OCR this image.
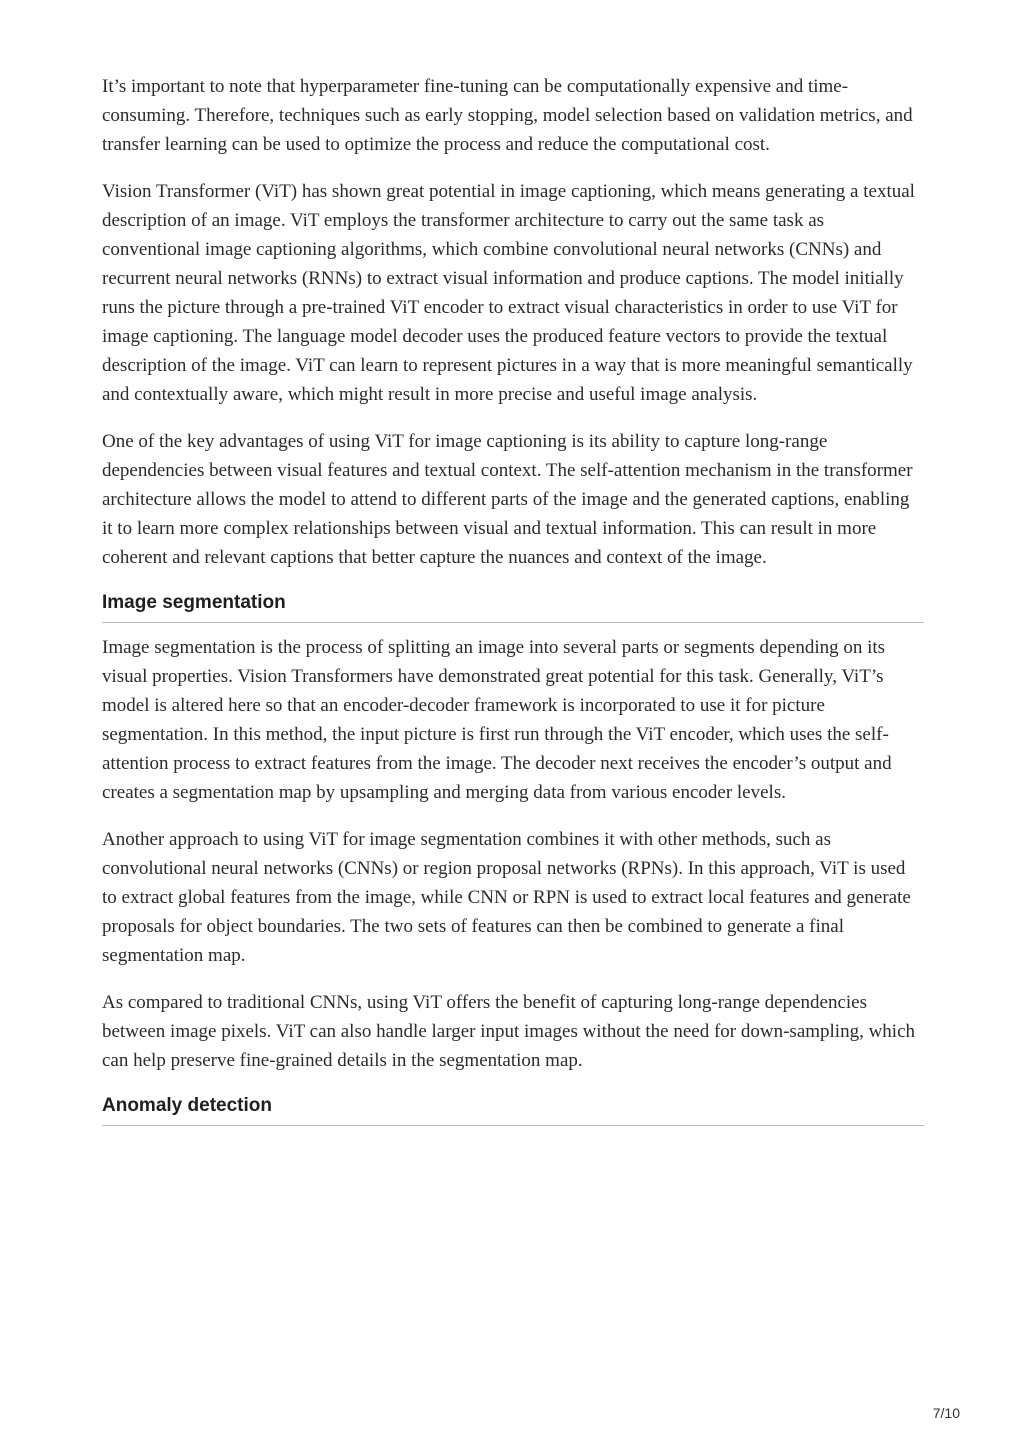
It’s important to note that hyperparameter fine-tuning can be computationally expensive and time-consuming. Therefore, techniques such as early stopping, model selection based on validation metrics, and transfer learning can be used to optimize the process and reduce the computational cost.

Vision Transformer (ViT) has shown great potential in image captioning, which means generating a textual description of an image. ViT employs the transformer architecture to carry out the same task as conventional image captioning algorithms, which combine convolutional neural networks (CNNs) and recurrent neural networks (RNNs) to extract visual information and produce captions. The model initially runs the picture through a pre-trained ViT encoder to extract visual characteristics in order to use ViT for image captioning. The language model decoder uses the produced feature vectors to provide the textual description of the image. ViT can learn to represent pictures in a way that is more meaningful semantically and contextually aware, which might result in more precise and useful image analysis.

One of the key advantages of using ViT for image captioning is its ability to capture long-range dependencies between visual features and textual context. The self-attention mechanism in the transformer architecture allows the model to attend to different parts of the image and the generated captions, enabling it to learn more complex relationships between visual and textual information. This can result in more coherent and relevant captions that better capture the nuances and context of the image.

Image segmentation

Image segmentation is the process of splitting an image into several parts or segments depending on its visual properties. Vision Transformers have demonstrated great potential for this task. Generally, ViT’s model is altered here so that an encoder-decoder framework is incorporated to use it for picture segmentation. In this method, the input picture is first run through the ViT encoder, which uses the self-attention process to extract features from the image. The decoder next receives the encoder’s output and creates a segmentation map by upsampling and merging data from various encoder levels.

Another approach to using ViT for image segmentation combines it with other methods, such as convolutional neural networks (CNNs) or region proposal networks (RPNs). In this approach, ViT is used to extract global features from the image, while CNN or RPN is used to extract local features and generate proposals for object boundaries. The two sets of features can then be combined to generate a final segmentation map.

As compared to traditional CNNs, using ViT offers the benefit of capturing long-range dependencies between image pixels. ViT can also handle larger input images without the need for down-sampling, which can help preserve fine-grained details in the segmentation map.

Anomaly detection
7/10
